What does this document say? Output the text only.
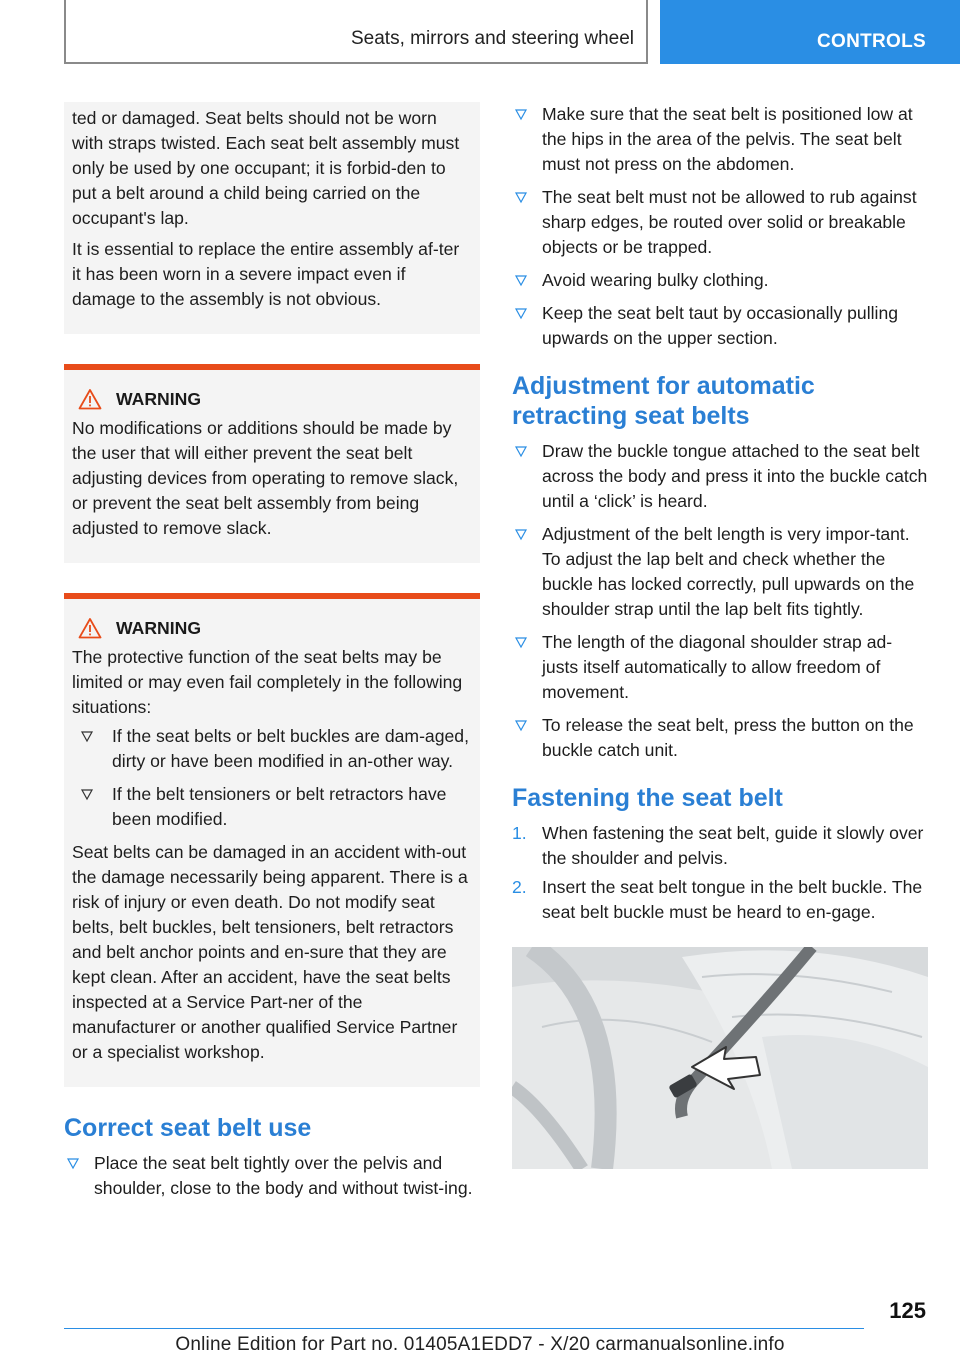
Seats, mirrors and steering wheel	CONTROLS

ted or damaged. Seat belts should not be worn with straps twisted. Each seat belt assembly must only be used by one occupant; it is forbid-den to put a belt around a child being carried on the occupant's lap.

It is essential to replace the entire assembly af-ter it has been worn in a severe impact even if damage to the assembly is not obvious.

WARNING

No modifications or additions should be made by the user that will either prevent the seat belt adjusting devices from operating to remove slack, or prevent the seat belt assembly from being adjusted to remove slack.

WARNING

The protective function of the seat belts may be limited or may even fail completely in the following situations:

If the seat belts or belt buckles are dam-aged, dirty or have been modified in an-other way.
If the belt tensioners or belt retractors have been modified.

Seat belts can be damaged in an accident with-out the damage necessarily being apparent. There is a risk of injury or even death. Do not modify seat belts, belt buckles, belt tensioners, belt retractors and belt anchor points and en-sure that they are kept clean. After an accident, have the seat belts inspected at a Service Part-ner of the manufacturer or another qualified Service Partner or a specialist workshop.

Correct seat belt use
Place the seat belt tightly over the pelvis and shoulder, close to the body and without twist-ing.
Make sure that the seat belt is positioned low at the hips in the area of the pelvis. The seat belt must not press on the abdomen.
The seat belt must not be allowed to rub against sharp edges, be routed over solid or breakable objects or be trapped.
Avoid wearing bulky clothing.
Keep the seat belt taut by occasionally pulling upwards on the upper section.
Adjustment for automatic retracting seat belts
Draw the buckle tongue attached to the seat belt across the body and press it into the buckle catch until a ‘click’ is heard.
Adjustment of the belt length is very impor-tant. To adjust the lap belt and check whether the buckle has locked correctly, pull upwards on the shoulder strap until the lap belt fits tightly.
The length of the diagonal shoulder strap ad-justs itself automatically to allow freedom of movement.
To release the seat belt, press the button on the buckle catch unit.
Fastening the seat belt
1. When fastening the seat belt, guide it slowly over the shoulder and pelvis.
2. Insert the seat belt tongue in the belt buckle. The seat belt buckle must be heard to en-gage.
125
Online Edition for Part no. 01405A1EDD7 - X/20 carmanualsonline.info
